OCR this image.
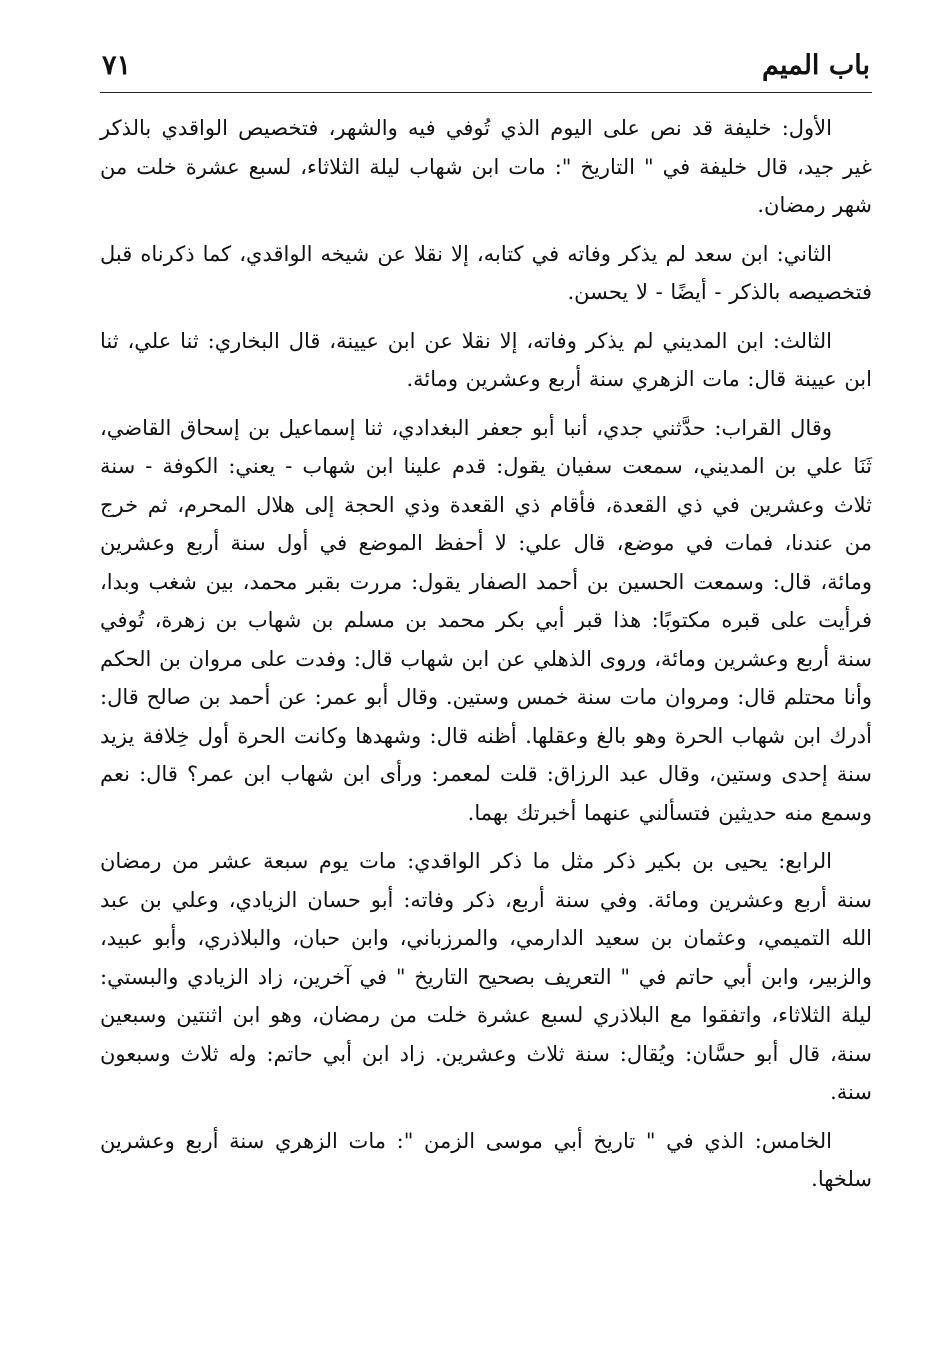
باب الميم
٧١

الأول: خليفة قد نص على اليوم الذي تُوفي فيه والشهر، فتخصيص الواقدي بالذكر غير جيد، قال خليفة في " التاريخ ": مات ابن شهاب ليلة الثلاثاء، لسبع عشرة خلت من شهر رمضان.

الثاني: ابن سعد لم يذكر وفاته في كتابه، إلا نقلا عن شيخه الواقدي، كما ذكرناه قبل فتخصيصه بالذكر - أيضًا - لا يحسن.

الثالث: ابن المديني لم يذكر وفاته، إلا نقلا عن ابن عيينة، قال البخاري: ثنا علي، ثنا ابن عيينة قال: مات الزهري سنة أربع وعشرين ومائة.

وقال القراب: حدَّثني جدي، أنبا أبو جعفر البغدادي، ثنا إسماعيل بن إسحاق القاضي، ثَنَا علي بن المديني، سمعت سفيان يقول: قدم علينا ابن شهاب - يعني: الكوفة - سنة ثلاث وعشرين في ذي القعدة، فأقام ذي القعدة وذي الحجة إلى هلال المحرم، ثم خرج من عندنا، فمات في موضع، قال علي: لا أحفظ الموضع في أول سنة أربع وعشرين ومائة، قال: وسمعت الحسين بن أحمد الصفار يقول: مررت بقبر محمد، بين شغب وبدا، فرأيت على قبره مكتوبًا: هذا قبر أبي بكر محمد بن مسلم بن شهاب بن زهرة، تُوفي سنة أربع وعشرين ومائة، وروى الذهلي عن ابن شهاب قال: وفدت على مروان بن الحكم وأنا محتلم قال: ومروان مات سنة خمس وستين. وقال أبو عمر: عن أحمد بن صالح قال: أدرك ابن شهاب الحرة وهو بالغ وعقلها. أظنه قال: وشهدها وكانت الحرة أول خِلافة يزيد سنة إحدى وستين، وقال عبد الرزاق: قلت لمعمر: ورأى ابن شهاب ابن عمر؟ قال: نعم وسمع منه حديثين فتسألني عنهما أخبرتك بهما.

الرابع: يحيى بن بكير ذكر مثل ما ذكر الواقدي: مات يوم سبعة عشر من رمضان سنة أربع وعشرين ومائة. وفي سنة أربع، ذكر وفاته: أبو حسان الزيادي، وعلي بن عبد الله التميمي، وعثمان بن سعيد الدارمي، والمرزباني، وابن حبان، والبلاذري، وأبو عبيد، والزبير، وابن أبي حاتم في " التعريف بصحيح التاريخ " في آخرين، زاد الزيادي والبستي: ليلة الثلاثاء، واتفقوا مع البلاذري لسبع عشرة خلت من رمضان، وهو ابن اثنتين وسبعين سنة، قال أبو حسَّان: ويُقال: سنة ثلاث وعشرين. زاد ابن أبي حاتم: وله ثلاث وسبعون سنة.

الخامس: الذي في " تاريخ أبي موسى الزمن ": مات الزهري سنة أربع وعشرين سلخها.
